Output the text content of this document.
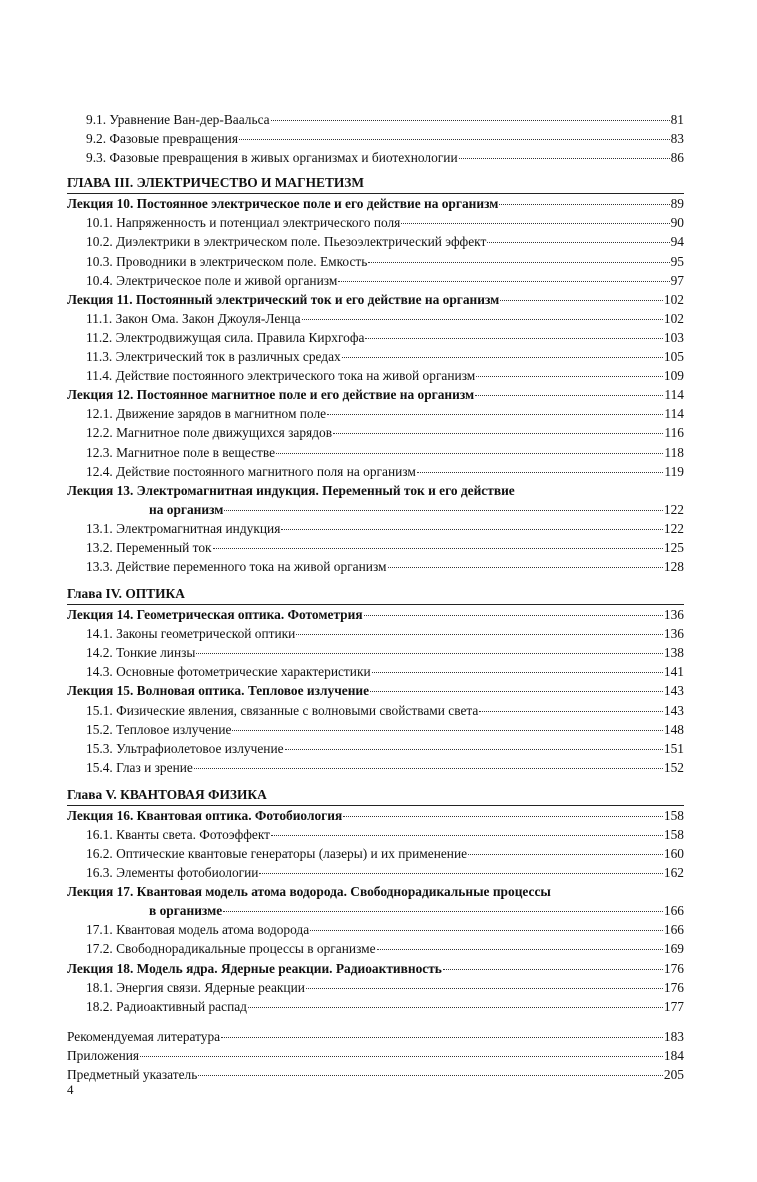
9.1. Уравнение Ван-дер-Ваальса	81
9.2. Фазовые превращения	83
9.3. Фазовые превращения в живых организмах и биотехнологии	86
ГЛАВА III. ЭЛЕКТРИЧЕСТВО И МАГНЕТИЗМ
Лекция 10. Постоянное электрическое поле и его действие на организм	89
10.1. Напряженность и потенциал электрического поля	90
10.2. Диэлектрики в электрическом поле. Пьезоэлектрический эффект	94
10.3. Проводники в электрическом поле. Емкость	95
10.4. Электрическое поле и живой организм	97
Лекция 11. Постоянный электрический ток и его действие на организм	102
11.1. Закон Ома. Закон Джоуля-Ленца	102
11.2. Электродвижущая сила. Правила Кирхгофа	103
11.3. Электрический ток в различных средах	105
11.4. Действие постоянного электрического тока на живой организм	109
Лекция 12. Постоянное магнитное поле и его действие на организм	114
12.1. Движение зарядов в магнитном поле	114
12.2. Магнитное поле движущихся зарядов	116
12.3. Магнитное поле в веществе	118
12.4. Действие постоянного магнитного поля на организм	119
Лекция 13. Электромагнитная индукция. Переменный ток и его действие
на организм	122
13.1. Электромагнитная индукция	122
13.2. Переменный ток	125
13.3. Действие переменного тока на живой организм	128
Глава IV. ОПТИКА
Лекция 14. Геометрическая оптика. Фотометрия	136
14.1. Законы геометрической оптики	136
14.2. Тонкие линзы	138
14.3. Основные фотометрические характеристики	141
Лекция 15. Волновая оптика. Тепловое излучение	143
15.1. Физические явления, связанные с волновыми свойствами света	143
15.2. Тепловое излучение	148
15.3. Ультрафиолетовое излучение	151
15.4. Глаз и зрение	152
Глава V. КВАНТОВАЯ ФИЗИКА
Лекция 16. Квантовая оптика. Фотобиология	158
16.1. Кванты света. Фотоэффект	158
16.2. Оптические квантовые генераторы (лазеры) и их применение	160
16.3. Элементы фотобиологии	162
Лекция 17. Квантовая модель атома водорода. Свободнорадикальные процессы
в организме	166
17.1. Квантовая модель атома водорода	166
17.2. Свободнорадикальные процессы в организме	169
Лекция 18. Модель ядра. Ядерные реакции. Радиоактивность	176
18.1. Энергия связи. Ядерные реакции	176
18.2. Радиоактивный распад	177
Рекомендуемая литература	183
Приложения	184
Предметный указатель	205
4
